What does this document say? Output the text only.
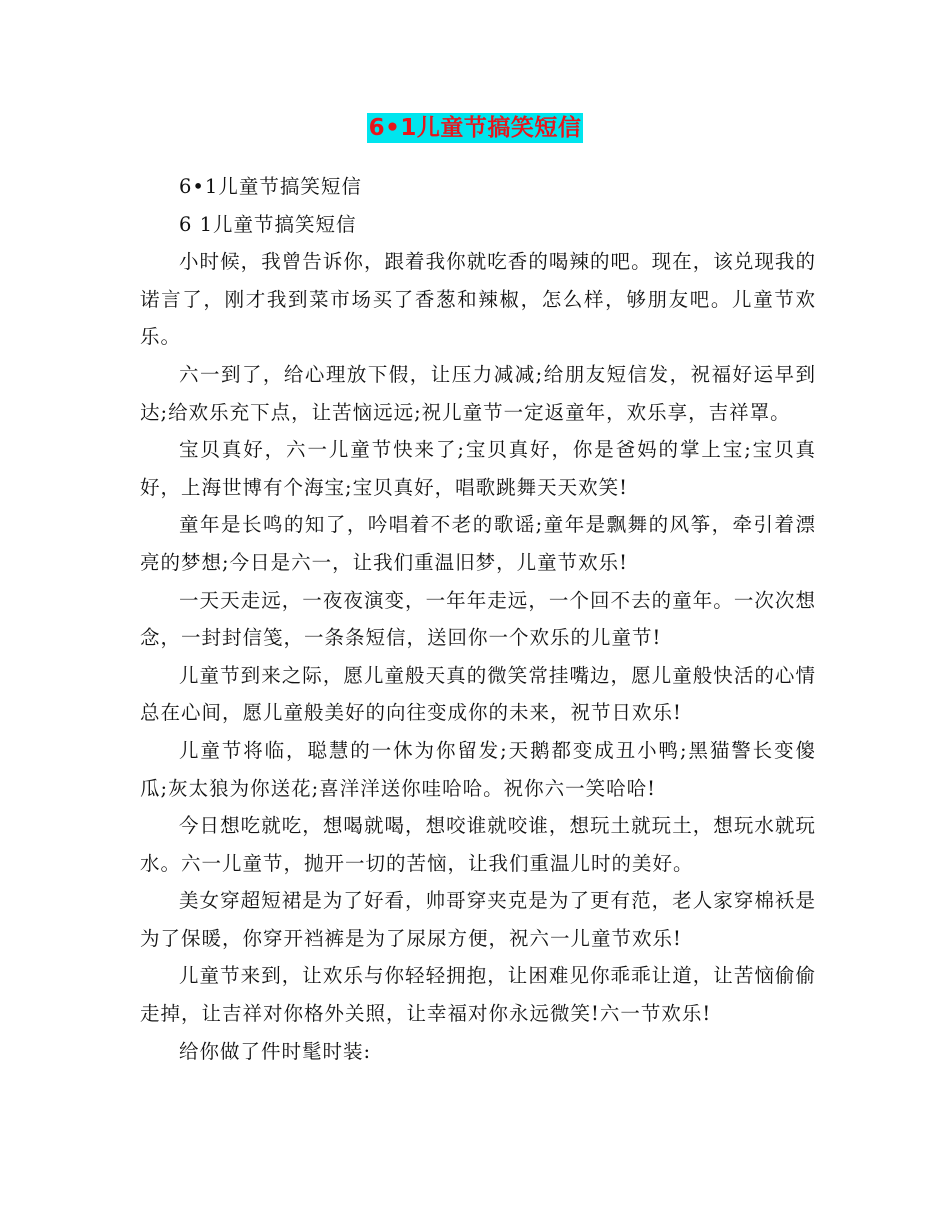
6•1儿童节搞笑短信

6•1儿童节搞笑短信

6 1儿童节搞笑短信

小时候，我曾告诉你，跟着我你就吃香的喝辣的吧。现在，该兑现我的诺言了，刚才我到菜市场买了香葱和辣椒，怎么样，够朋友吧。儿童节欢乐。

六一到了，给心理放下假，让压力减减;给朋友短信发，祝福好运早到达;给欢乐充下点，让苦恼远远;祝儿童节一定返童年，欢乐享，吉祥罩。

宝贝真好，六一儿童节快来了;宝贝真好，你是爸妈的掌上宝;宝贝真好，上海世博有个海宝;宝贝真好，唱歌跳舞天天欢笑!

童年是长鸣的知了，吟唱着不老的歌谣;童年是飘舞的风筝，牵引着漂亮的梦想;今日是六一，让我们重温旧梦，儿童节欢乐!

一天天走远，一夜夜演变，一年年走远，一个回不去的童年。一次次想念，一封封信笺，一条条短信，送回你一个欢乐的儿童节!

儿童节到来之际，愿儿童般天真的微笑常挂嘴边，愿儿童般快活的心情总在心间，愿儿童般美好的向往变成你的未来，祝节日欢乐!

儿童节将临，聪慧的一休为你留发;天鹅都变成丑小鸭;黑猫警长变傻瓜;灰太狼为你送花;喜洋洋送你哇哈哈。祝你六一笑哈哈!

今日想吃就吃，想喝就喝，想咬谁就咬谁，想玩土就玩土，想玩水就玩水。六一儿童节，抛开一切的苦恼，让我们重温儿时的美好。

美女穿超短裙是为了好看，帅哥穿夹克是为了更有范，老人家穿棉袄是为了保暖，你穿开裆裤是为了尿尿方便，祝六一儿童节欢乐!

儿童节来到，让欢乐与你轻轻拥抱，让困难见你乖乖让道，让苦恼偷偷走掉，让吉祥对你格外关照，让幸福对你永远微笑!六一节欢乐!

给你做了件时髦时装:
